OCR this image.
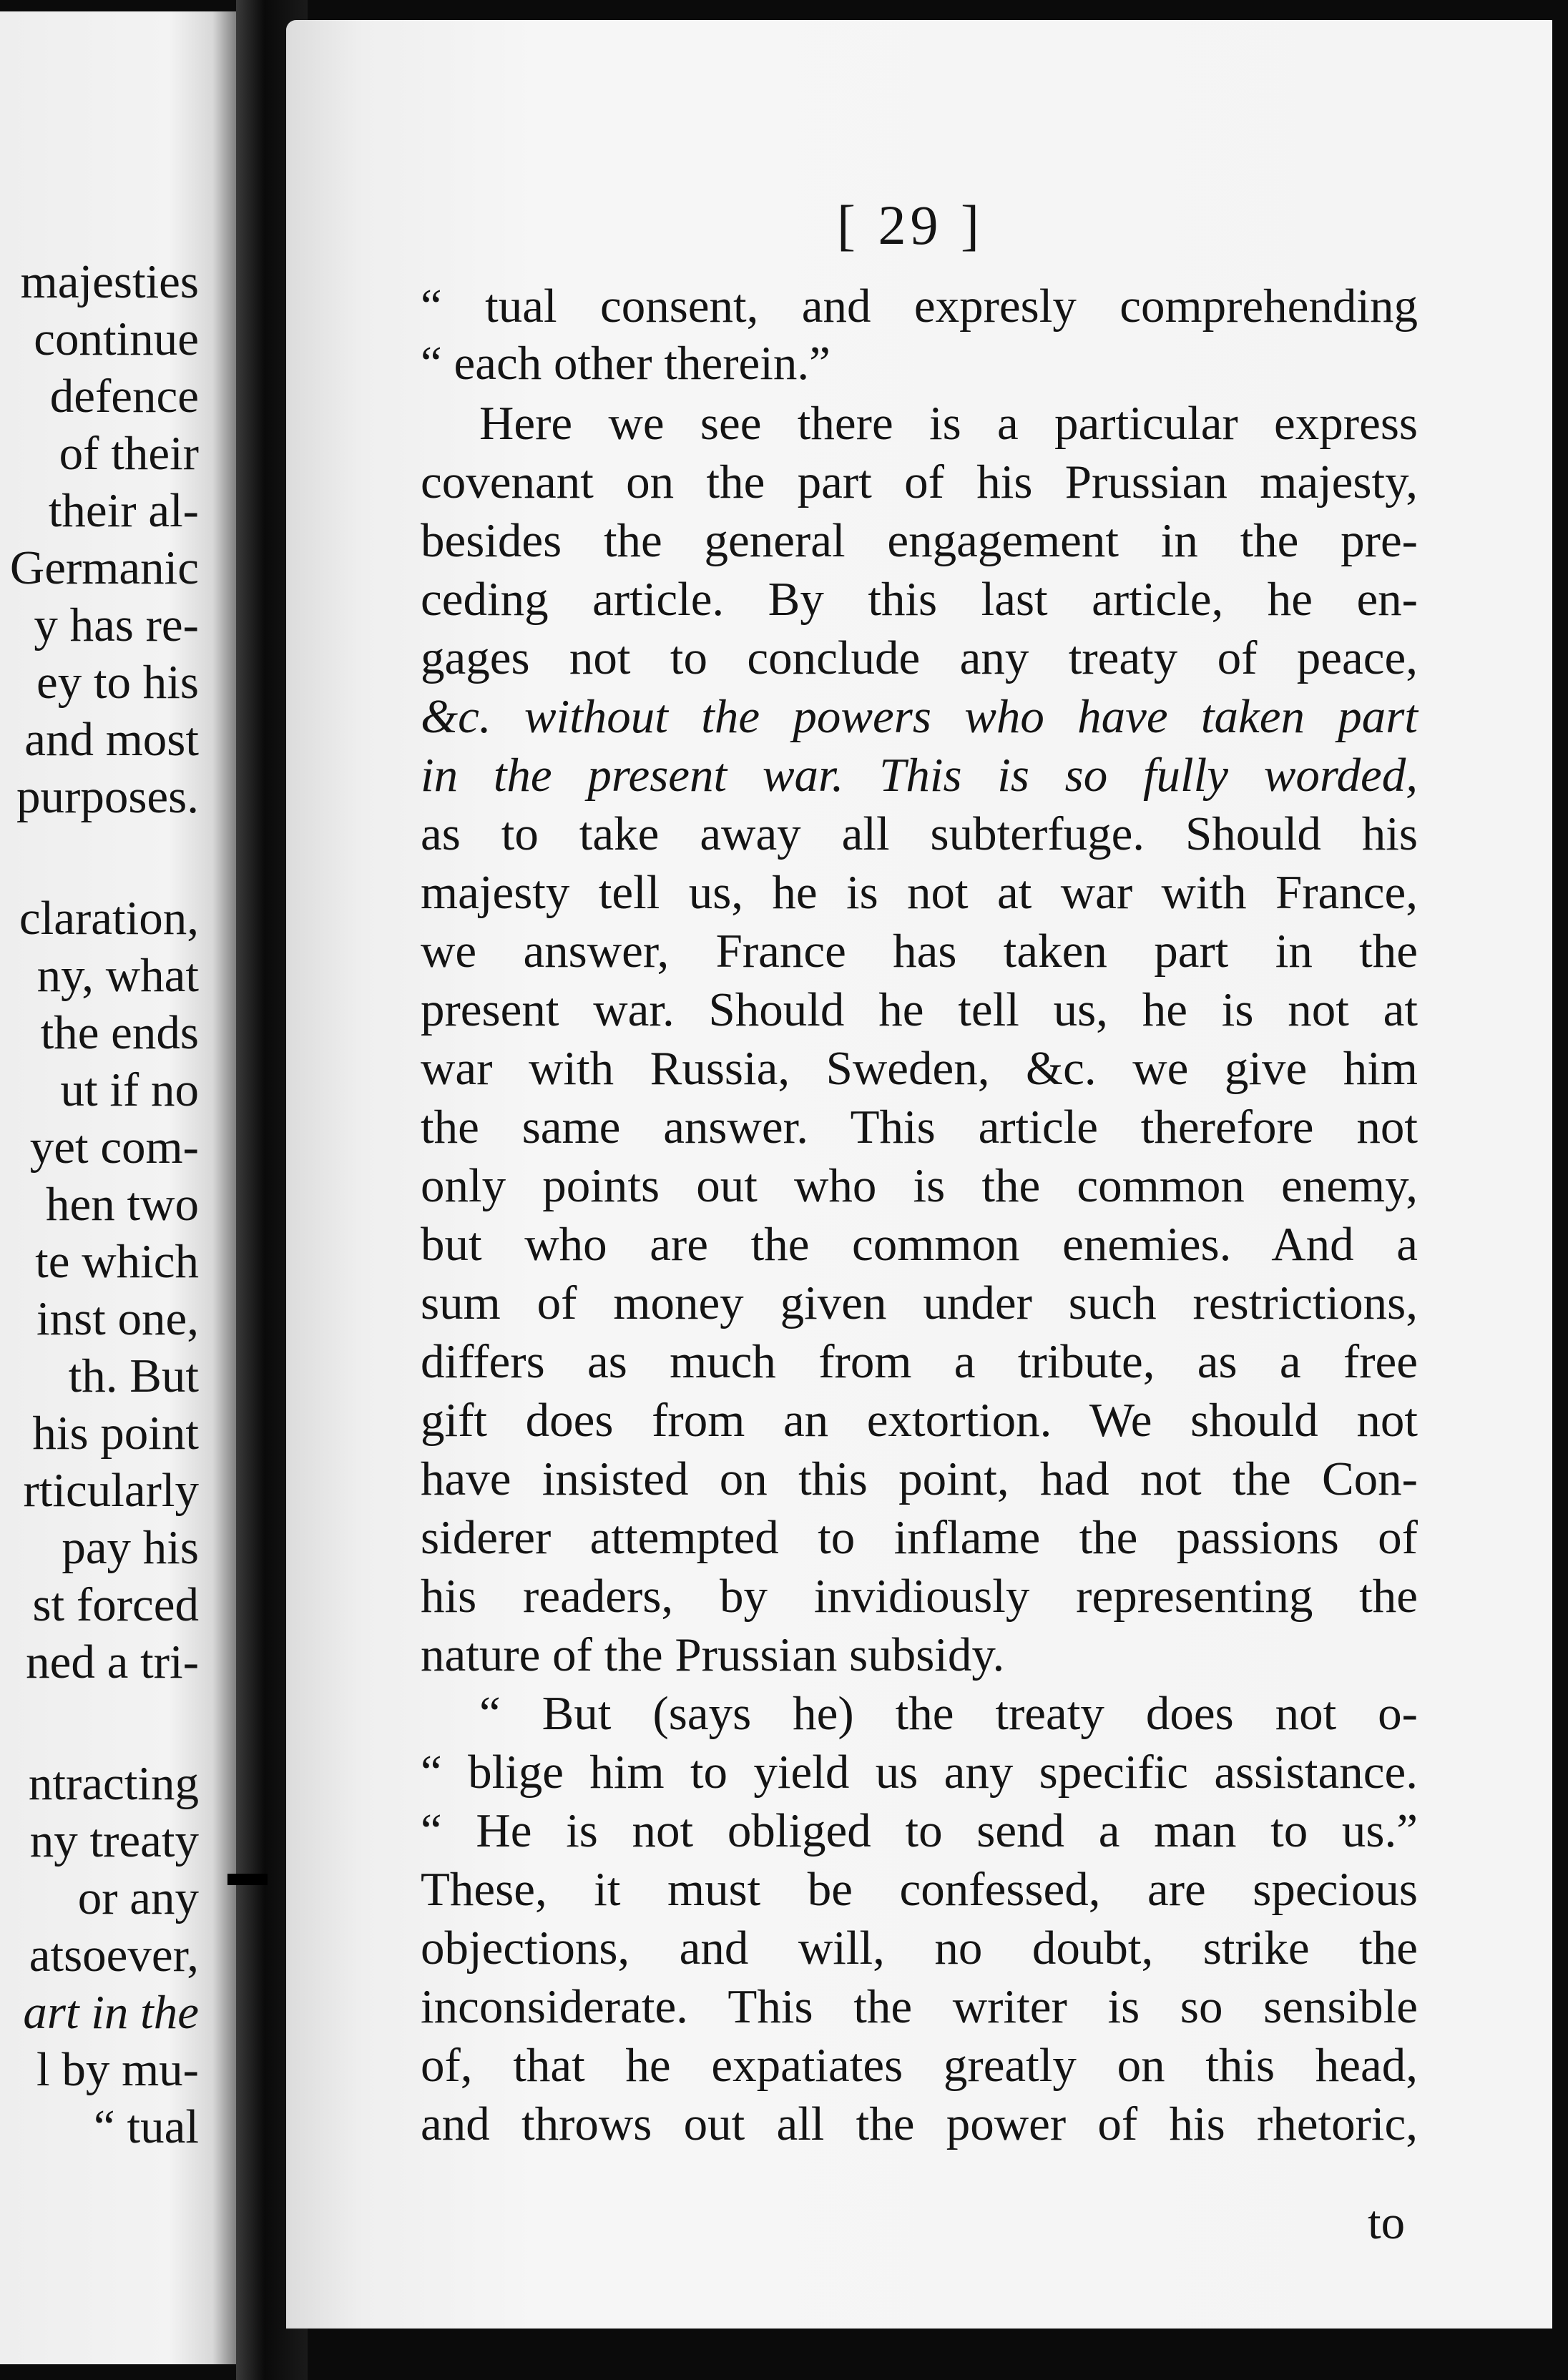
majesties
continue
defence
of their
their al-
Germanic
y has re-
ey to his
and most
purposes.
claration,
ny, what
the ends
ut if no
yet com-
hen two
te which
inst one,
th. But
his point
rticularly
pay his
st forced
ned a tri-
ntracting
ny treaty
or any
atsoever,
art in the
l by mu-
“ tual
[ 29 ]
“ tual consent, and expresly comprehending
“ each other therein.”
Here we see there is a particular express
covenant on the part of his Prussian majesty,
besides the general engagement in the pre-
ceding article. By this last article, he en-
gages not to conclude any treaty of peace,
&c. without the powers who have taken part
in the present war. This is so fully worded,
as to take away all subterfuge. Should his
majesty tell us, he is not at war with France,
we answer, France has taken part in the
present war. Should he tell us, he is not at
war with Russia, Sweden, &c. we give him
the same answer. This article therefore not
only points out who is the common enemy,
but who are the common enemies. And a
sum of money given under such restrictions,
differs as much from a tribute, as a free
gift does from an extortion. We should not
have insisted on this point, had not the Con-
siderer attempted to inflame the passions of
his readers, by invidiously representing the
nature of the Prussian subsidy.
“ But (says he) the treaty does not o-
“ blige him to yield us any specific assistance.
“ He is not obliged to send a man to us.”
These, it must be confessed, are specious
objections, and will, no doubt, strike the
inconsiderate. This the writer is so sensible
of, that he expatiates greatly on this head,
and throws out all the power of his rhetoric,
to
